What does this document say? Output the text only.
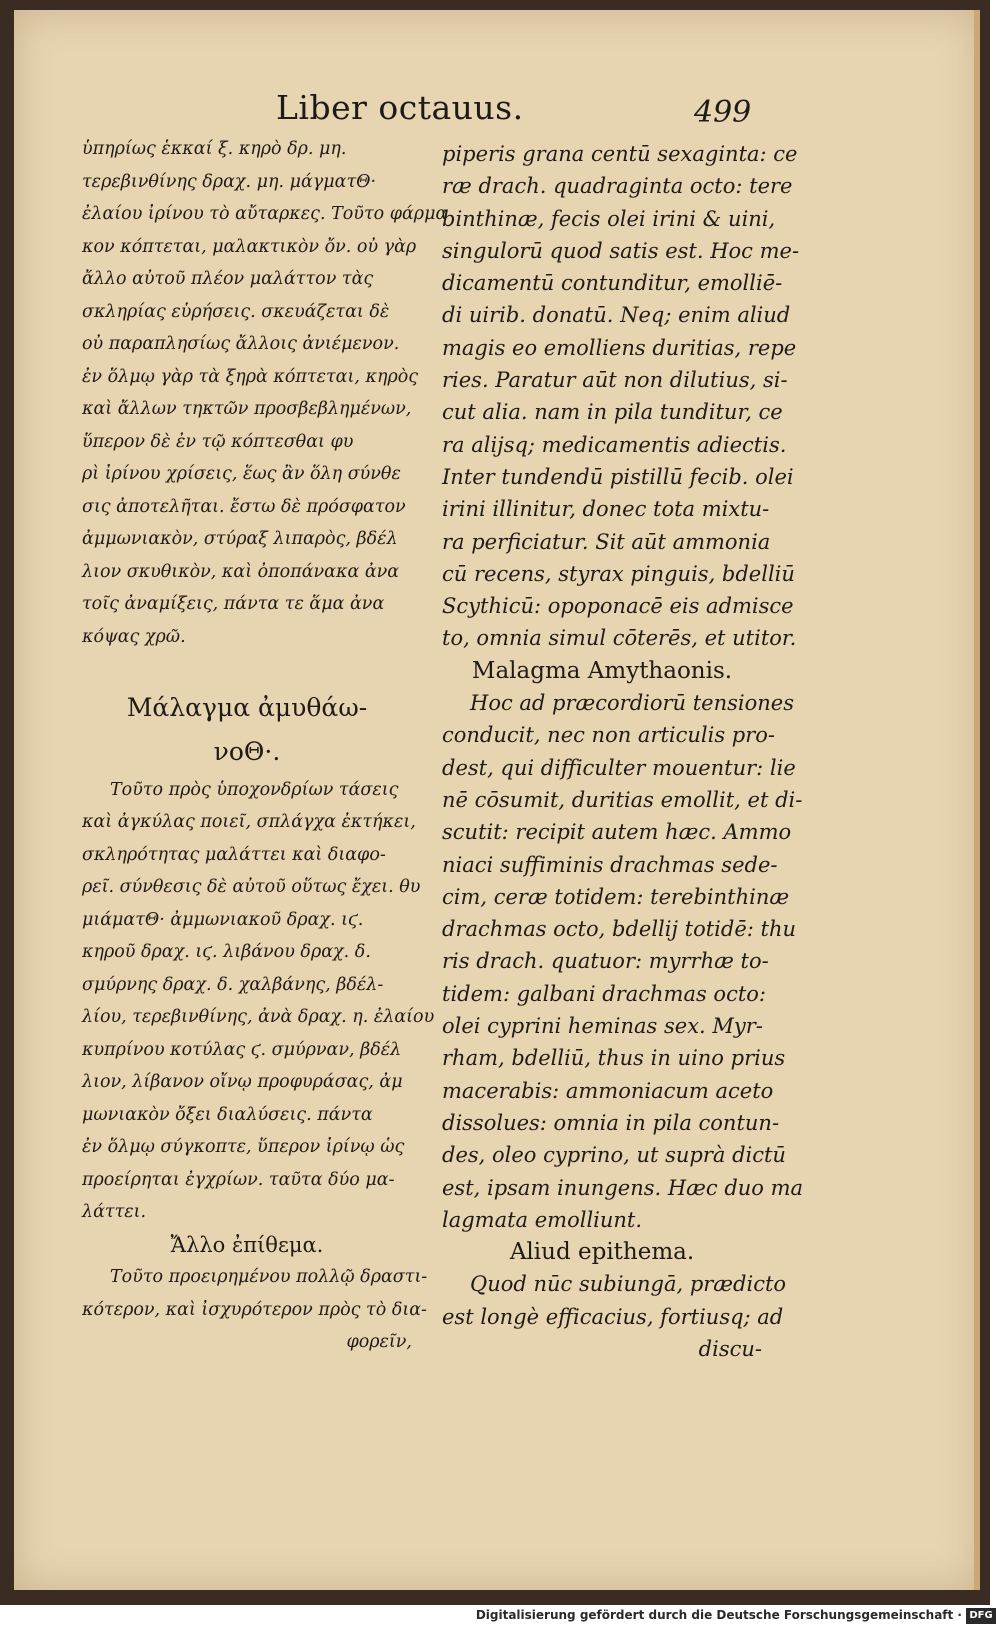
Liber octauus.	499
ὑπηρίως ἑκκαί ξ. κηρὸ δρ. μη.
τερεβινθίνης δραχ. μη. μάγματΘ·
ἐλαίου ἰρίνου τὸ αὔταρκες. Τοῦτο φάρμα
κον κόπτεται, μαλακτικὸν ὄν. οὐ γὰρ
ἄλλο αὐτοῦ πλέον μαλάττον τὰς
σκληρίας εὑρήσεις. σκευάζεται δὲ
οὐ παραπλησίως ἄλλοις ἀνιέμενον.
ἐν ὅλμῳ γὰρ τὰ ξηρὰ κόπτεται, κηρὸς
καὶ ἄλλων τηκτῶν προσβεβλημένων,
ὕπερον δὲ ἐν τῷ κόπτεσθαι φυ
ρὶ ἰρίνου χρίσεις, ἕως ἂν ὅλη σύνθε
σις ἀποτελῆται. ἔστω δὲ πρόσφατον
ἀμμωνιακὸν, στύραξ λιπαρὸς, βδέλ
λιον σκυθικὸν, καὶ ὀποπάνακα ἀνα
τοῖς ἀναμίξεις, πάντα τε ἅμα ἀνα
κόψας χρῶ.
Μάλαγμα ἀμυθάω-
νοΘ·.
Τοῦτο πρὸς ὑποχονδρίων τάσεις
καὶ ἀγκύλας ποιεῖ, σπλάγχα ἐκτήκει,
σκληρότητας μαλάττει καὶ διαφο-
ρεῖ. σύνθεσις δὲ αὐτοῦ οὕτως ἔχει. θυ
μιάματΘ· ἀμμωνιακοῦ δραχ. ιϛ.
κηροῦ δραχ. ιϛ. λιβάνου δραχ. δ.
σμύρνης δραχ. δ. χαλβάνης, βδέλ-
λίου, τερεβινθίνης, ἀνὰ δραχ. η. ἐλαίου
κυπρίνου κοτύλας ϛ. σμύρναν, βδέλ
λιον, λίβανον οἴνῳ προφυράσας, ἀμ
μωνιακὸν ὄξει διαλύσεις. πάντα
ἐν ὅλμῳ σύγκοπτε, ὕπερον ἰρίνῳ ὡς
προείρηται ἐγχρίων. ταῦτα δύο μα-
λάττει.
Ἄλλο ἐπίθεμα.
Τοῦτο προειρημένου πολλῷ δραστι-
κότερον, καὶ ἰσχυρότερον πρὸς τὸ δια-
φορεῖν,
piperis grana centū sexaginta: ce
ræ drach. quadraginta octo: tere
binthinæ, fecis olei irini & uini,
singulorū quod satis est. Hoc me-
dicamentū contunditur, emolliē-
di uirib. donatū. Neq; enim aliud
magis eo emolliens duritias, repe
ries. Paratur aūt non dilutius, si-
cut alia. nam in pila tunditur, ce
ra alijsq; medicamentis adiectis.
Inter tundendū pistillū fecib. olei
irini illinitur, donec tota mixtu-
ra perficiatur. Sit aūt ammonia
cū recens, styrax pinguis, bdelliū
Scythicū: opoponacē eis admisce
to, omnia simul cōterēs, et utitor.
Malagma Amythaonis.
Hoc ad præcordiorū tensiones
conducit, nec non articulis pro-
dest, qui difficulter mouentur: lie
nē cōsumit, duritias emollit, et di-
scutit: recipit autem hæc. Ammo
niaci suffiminis drachmas sede-
cim, ceræ totidem: terebinthinæ
drachmas octo, bdellij totidē: thu
ris drach. quatuor: myrrhæ to-
tidem: galbani drachmas octo:
olei cyprini heminas sex. Myr-
rham, bdelliū, thus in uino prius
macerabis: ammoniacum aceto
dissolues: omnia in pila contun-
des, oleo cyprino, ut suprà dictū
est, ipsam inungens. Hæc duo ma
lagmata emolliunt.
Aliud epithema.
Quod nūc subiungā, prædicto
est longè efficacius, fortiusq; ad
discu-
Digitalisierung gefördert durch die Deutsche Forschungsgemeinschaft · DFG
